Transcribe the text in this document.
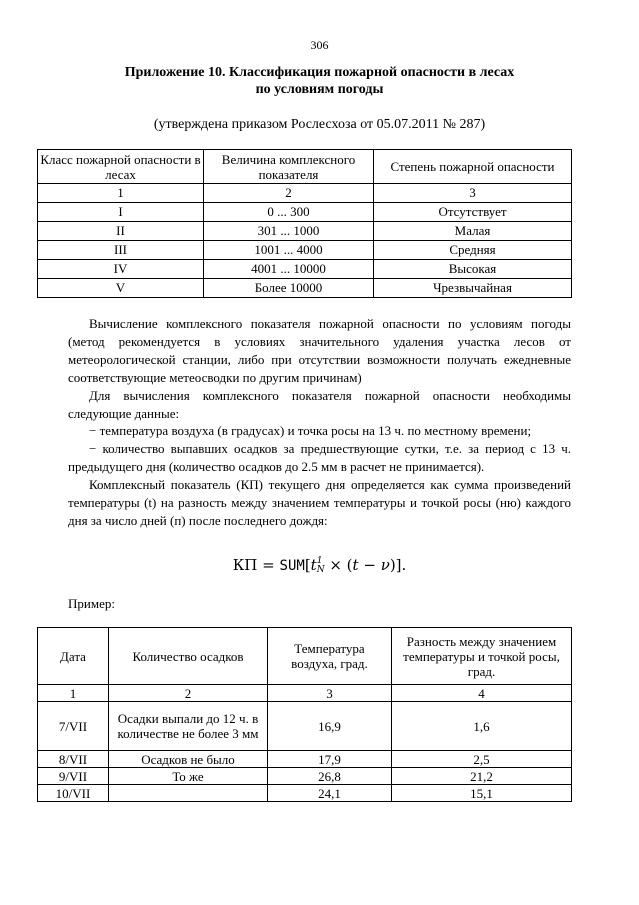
306
Приложение 10. Классификация пожарной опасности в лесах
по условиям погоды
(утверждена приказом Рослесхоза от 05.07.2011 № 287)
Класс пожарной опасности в лесах	Величина комплексного показателя	Степень пожарной опасности
1	2	3
I	0 ... 300	Отсутствует
II	301 ... 1000	Малая
III	1001 ... 4000	Средняя
IV	4001 ... 10000	Высокая
V	Более 10000	Чрезвычайная

Вычисление комплексного показателя пожарной опасности по условиям погоды (метод рекомендуется в условиях значительного удаления участка лесов от метеорологической станции, либо при отсутствии возможности получать ежедневные соответствующие метеосводки по другим причинам)

Для вычисления комплексного показателя пожарной опасности необходимы следующие данные:

− температура воздуха (в градусах) и точка росы на 13 ч. по местному времени;

− количество выпавших осадков за предшествующие сутки, т.е. за период с 13 ч. предыдущего дня (количество осадков до 2.5 мм в расчет не принимается).

Комплексный показатель (КП) текущего дня определяется как сумма произведений температуры (t) на разность между значением температуры и точкой росы (ню) каждого дня за число дней (п) после последнего дождя:

КП = SUM[t 1
N × (t − ν)].
Пример:
Дата	Количество осадков	Температура воздуха, град.	Разность между значением температуры и точкой росы, град.
1	2	3	4
7/VII	Осадки выпали до 12 ч. в количестве не более 3 мм	16,9	1,6
8/VII	Осадков не было	17,9	2,5
9/VII	То же	26,8	21,2
10/VII		24,1	15,1
